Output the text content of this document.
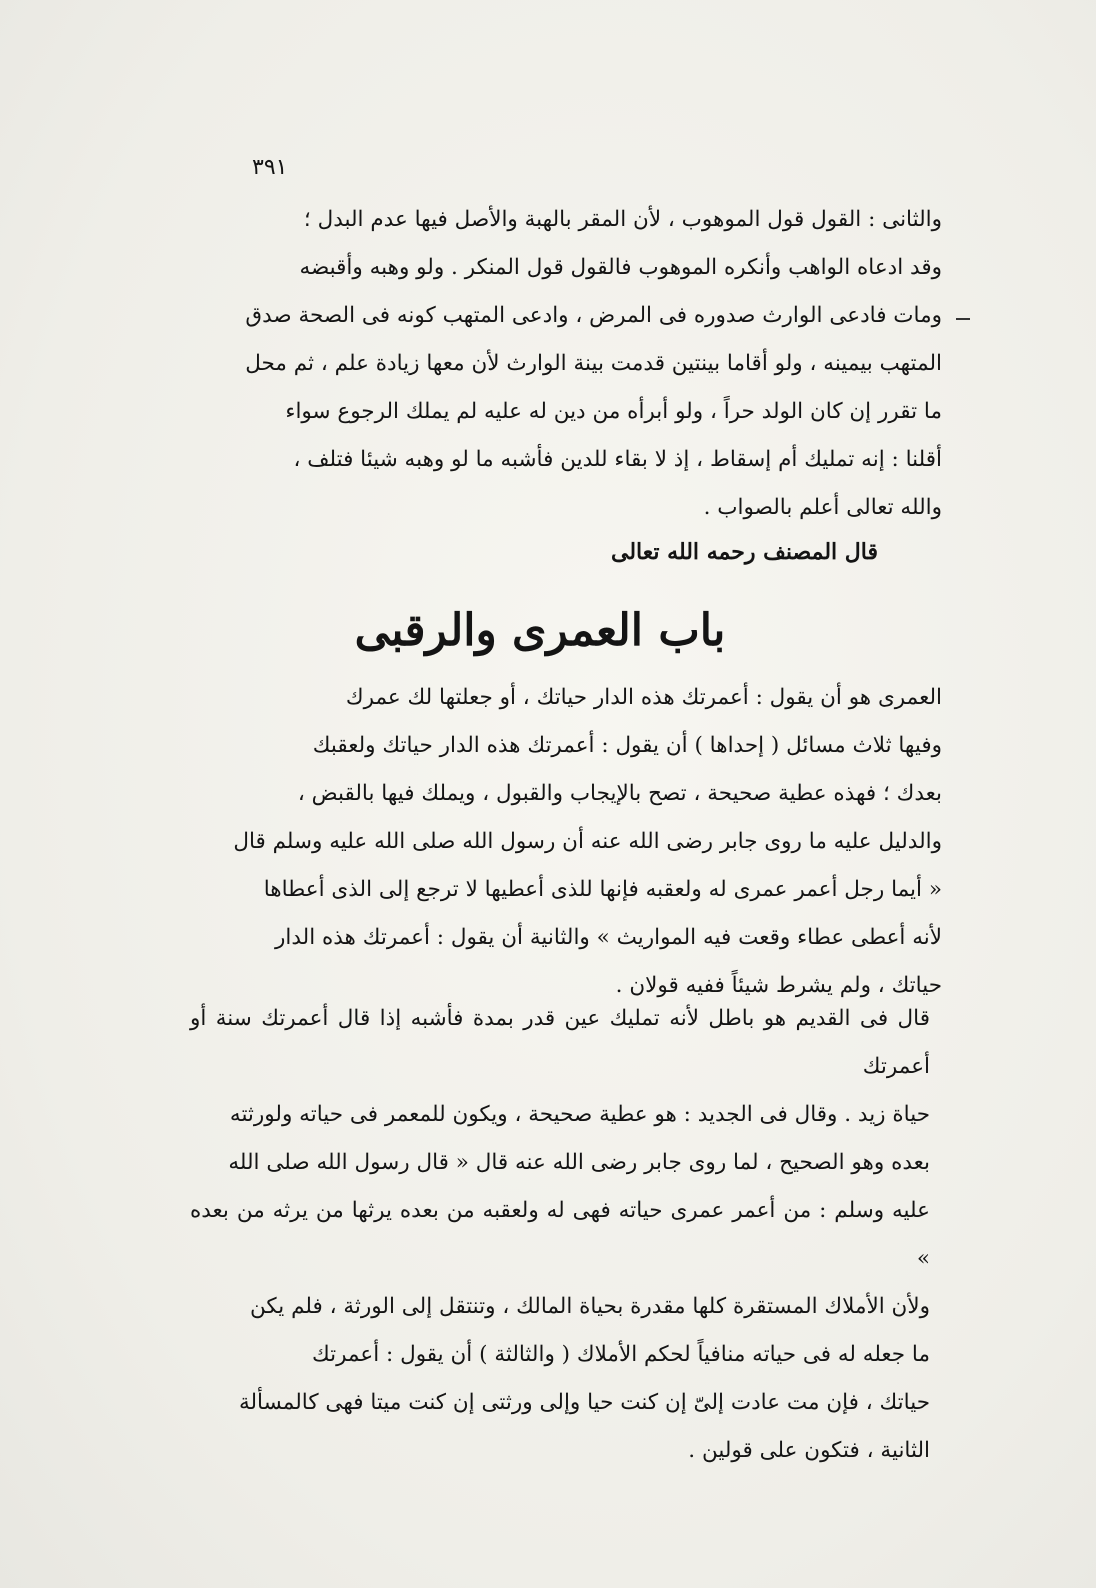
٣٩١

والثانى : القول قول الموهوب ، لأن المقر بالهبة والأصل فيها عدم البدل ؛

وقد ادعاه الواهب وأنكره الموهوب فالقول قول المنكر . ولو وهبه وأقبضه

ومات فادعى الوارث صدوره فى المرض ، وادعى المتهب كونه فى الصحة صدق

المتهب بيمينه ، ولو أقاما بينتين قدمت بينة الوارث لأن معها زيادة علم ، ثم محل

ما تقرر إن كان الولد حراً ، ولو أبرأه من دين له عليه لم يملك الرجوع سواء

أقلنا : إنه تمليك أم إسقاط ، إذ لا بقاء للدين فأشبه ما لو وهبه شيئا فتلف ،

والله تعالى أعلم بالصواب .

قال المصنف رحمه الله تعالى
باب العمرى والرقبى

العمرى هو أن يقول : أعمرتك هذه الدار حياتك ، أو جعلتها لك عمرك

وفيها ثلاث مسائل ( إحداها ) أن يقول : أعمرتك هذه الدار حياتك ولعقبك

بعدك ؛ فهذه عطية صحيحة ، تصح بالإيجاب والقبول ، ويملك فيها بالقبض ،

والدليل عليه ما روى جابر رضى الله عنه أن رسول الله صلى الله عليه وسلم قال

« أيما رجل أعمر عمرى له ولعقبه فإنها للذى أعطيها لا ترجع إلى الذى أعطاها

لأنه أعطى عطاء وقعت فيه المواريث » والثانية أن يقول : أعمرتك هذه الدار

حياتك ، ولم يشرط شيئاً ففيه قولان .

قال فى القديم هو باطل لأنه تمليك عين قدر بمدة فأشبه إذا قال أعمرتك سنة أو أعمرتك

حياة زيد . وقال فى الجديد : هو عطية صحيحة ، ويكون للمعمر فى حياته ولورثته

بعده وهو الصحيح ، لما روى جابر رضى الله عنه قال « قال رسول الله صلى الله

عليه وسلم : من أعمر عمرى حياته فهى له ولعقبه من بعده يرثها من يرثه من بعده »

ولأن الأملاك المستقرة كلها مقدرة بحياة المالك ، وتنتقل إلى الورثة ، فلم يكن

ما جعله له فى حياته منافياً لحكم الأملاك ( والثالثة ) أن يقول : أعمرتك

حياتك ، فإن مت عادت إلىّ إن كنت حيا وإلى ورثتى إن كنت ميتا فهى كالمسألة

الثانية ، فتكون على قولين .
